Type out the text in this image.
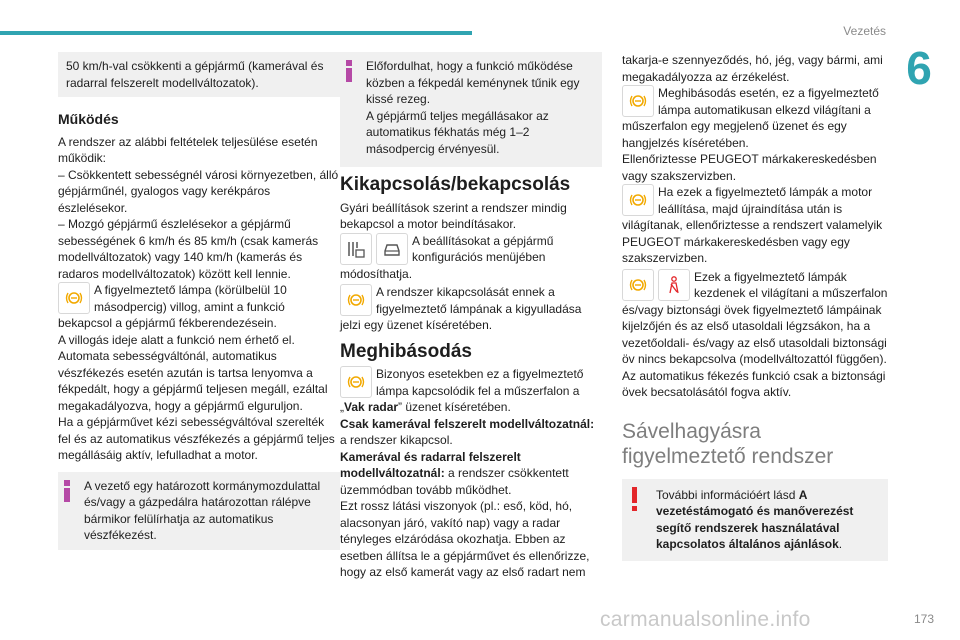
Vezetés
6

50 km/h-val csökkenti a gépjármű (kamerával és radarral felszerelt modellváltozatok).

Működés

A rendszer az alábbi feltételek teljesülése esetén működik:

– Csökkentett sebességnél városi környezetben, álló gépjárműnél, gyalogos vagy kerékpáros észlelésekor.

– Mozgó gépjármű észlelésekor a gépjármű sebességének 6 km/h és 85 km/h (csak kamerás modellváltozatok) vagy 140 km/h (kamerás és radaros modellváltozatok) között kell lennie.

A figyelmeztető lámpa (körülbelül 10 másodpercig) villog, amint a funkció bekapcsol a gépjármű fékberendezésein.

A villogás ideje alatt a funkció nem érhető el.

Automata sebességváltónál, automatikus vészfékezés esetén azután is tartsa lenyomva a fékpedált, hogy a gépjármű teljesen megáll, ezáltal megakadályozva, hogy a gépjármű elguruljon.

Ha a gépjárművet kézi sebességváltóval szerelték fel és az automatikus vészfékezés a gépjármű teljes megállásáig aktív, lefulladhat a motor.

A vezető egy határozott kormánymozdulattal és/vagy a gázpedálra határozottan rálépve bármikor felülírhatja az automatikus vészfékezést.

Előfordulhat, hogy a funkció működése közben a fékpedál keménynek tűnik egy kissé rezeg.
A gépjármű teljes megállásakor az automatikus fékhatás még 1–2 másodpercig érvényesül.

Kikapcsolás/bekapcsolás

Gyári beállítások szerint a rendszer mindig bekapcsol a motor beindításakor.

A beállításokat a gépjármű konfigurációs menüjében módosíthatja.

A rendszer kikapcsolását ennek a figyelmeztető lámpának a kigyulladása jelzi egy üzenet kíséretében.

Meghibásodás

Bizonyos esetekben ez a figyelmeztető lámpa kapcsolódik fel a műszerfalon a „Vak radar” üzenet kíséretében.

Csak kamerával felszerelt modellváltozatnál: a rendszer kikapcsol.

Kamerával és radarral felszerelt modellváltozatnál: a rendszer csökkentett üzemmódban tovább működhet.

Ezt rossz látási viszonyok (pl.: eső, köd, hó, alacsonyan járó, vakító nap) vagy a radar tényleges elzáródása okozhatja. Ebben az esetben állítsa le a gépjárművet és ellenőrizze, hogy az első kamerát vagy az első radart nem

takarja-e szennyeződés, hó, jég, vagy bármi, ami megakadályozza az érzékelést.

Meghibásodás esetén, ez a figyelmeztető lámpa automatikusan elkezd világítani a műszerfalon egy megjelenő üzenet és egy hangjelzés kíséretében.

Ellenőriztesse PEUGEOT márkakereskedésben vagy szakszervizben.

Ha ezek a figyelmeztető lámpák a motor leállítása, majd újraindítása után is világítanak, ellenőriztesse a rendszert valamelyik PEUGEOT márkakereskedésben vagy egy szakszervizben.

Ezek a figyelmeztető lámpák kezdenek el világítani a műszerfalon és/vagy biztonsági övek figyelmeztető lámpáinak kijelzőjén és az első utasoldali légzsákon, ha a vezetőoldali- és/vagy az első utasoldali biztonsági öv nincs bekapcsolva (modellváltozattól függően). Az automatikus fékezés funkció csak a biztonsági övek becsatolásától fogva aktív.

Sávelhagyásra figyelmeztető rendszer

További információért lásd A vezetéstámogató és manőverezést segítő rendszerek használatával kapcsolatos általános ajánlások.

carmanualsonline.info	173
